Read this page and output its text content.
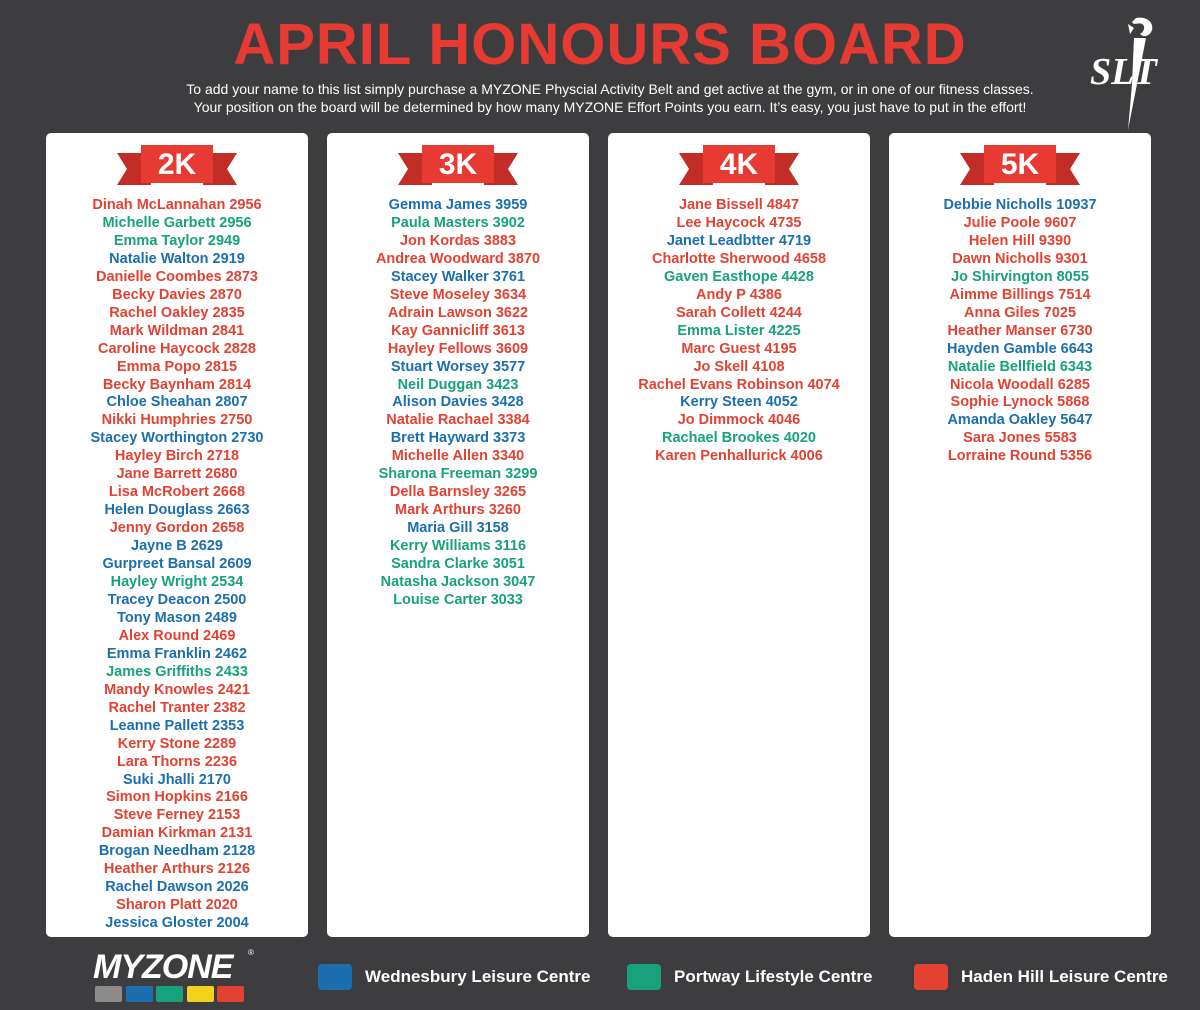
APRIL HONOURS BOARD
To add your name to this list simply purchase a MYZONE Physcial Activity Belt and get active at the gym, or in one of our fitness classes.
Your position on the board will be determined by how many MYZONE Effort Points you earn. It’s easy, you just have to put in the effort!
SLT
2K
Dinah McLannahan 2956
Michelle Garbett 2956
Emma Taylor 2949
Natalie Walton 2919
Danielle Coombes 2873
Becky Davies 2870
Rachel Oakley 2835
Mark Wildman 2841
Caroline Haycock 2828
Emma Popo 2815
Becky Baynham 2814
Chloe Sheahan 2807
Nikki Humphries 2750
Stacey Worthington 2730
Hayley Birch 2718
Jane Barrett 2680
Lisa McRobert 2668
Helen Douglass 2663
Jenny Gordon 2658
Jayne B 2629
Gurpreet Bansal 2609
Hayley Wright 2534
Tracey Deacon 2500
Tony Mason 2489
Alex Round 2469
Emma Franklin 2462
James Griffiths 2433
Mandy Knowles 2421
Rachel Tranter 2382
Leanne Pallett 2353
Kerry Stone 2289
Lara Thorns 2236
Suki Jhalli 2170
Simon Hopkins 2166
Steve Ferney 2153
Damian Kirkman 2131
Brogan Needham 2128
Heather Arthurs 2126
Rachel Dawson 2026
Sharon Platt 2020
Jessica Gloster 2004
3K
Gemma James 3959
Paula Masters 3902
Jon Kordas 3883
Andrea Woodward 3870
Stacey Walker 3761
Steve Moseley 3634
Adrain Lawson 3622
Kay Gannicliff 3613
Hayley Fellows 3609
Stuart Worsey 3577
Neil Duggan 3423
Alison Davies 3428
Natalie Rachael 3384
Brett Hayward 3373
Michelle Allen 3340
Sharona Freeman 3299
Della Barnsley 3265
Mark Arthurs 3260
Maria Gill 3158
Kerry Williams 3116
Sandra Clarke 3051
Natasha Jackson 3047
Louise Carter 3033
4K
Jane Bissell 4847
Lee Haycock 4735
Janet Leadbtter 4719
Charlotte Sherwood 4658
Gaven Easthope 4428
Andy P 4386
Sarah Collett 4244
Emma Lister 4225
Marc Guest 4195
Jo Skell 4108
Rachel Evans Robinson 4074
Kerry Steen 4052
Jo Dimmock 4046
Rachael Brookes 4020
Karen Penhallurick 4006
5K
Debbie Nicholls 10937
Julie Poole 9607
Helen Hill 9390
Dawn Nicholls 9301
Jo Shirvington 8055
Aimme Billings 7514
Anna Giles 7025
Heather Manser 6730
Hayden Gamble 6643
Natalie Bellfield 6343
Nicola Woodall 6285
Sophie Lynock 5868
Amanda Oakley 5647
Sara Jones 5583
Lorraine Round 5356
MYZONE ®
Wednesbury Leisure Centre	Portway Lifestyle Centre	Haden Hill Leisure Centre
